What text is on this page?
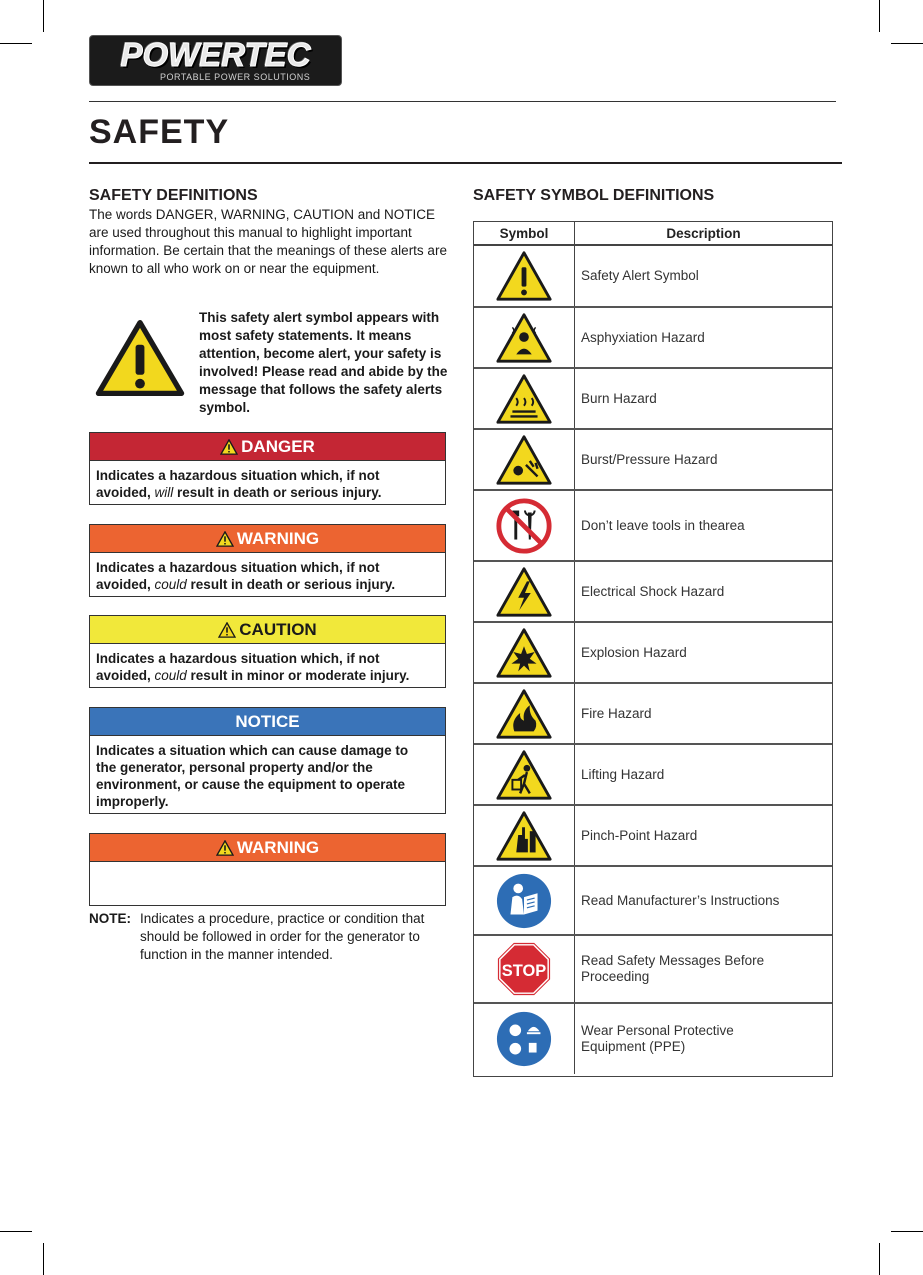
POWERTEC
PORTABLE POWER SOLUTIONS
SAFETY
SAFETY DEFINITIONS

The words DANGER, WARNING, CAUTION and NOTICE are used throughout this manual to highlight important information. Be certain that the meanings of these alerts are known to all who work on or near the equipment.

This safety alert symbol appears with most safety statements. It means attention, become alert, your safety is involved! Please read and abide by the message that follows the safety alerts symbol.

DANGER
Indicates a hazardous situation which, if not
avoided, will result in death or serious injury.
WARNING
Indicates a hazardous situation which, if not
avoided, could result in death or serious injury.
CAUTION
Indicates a hazardous situation which, if not
avoided, could result in minor or moderate injury.
NOTICE
Indicates a situation which can cause damage to the generator, personal property and/or the environment, or cause the equipment to operate improperly.
WARNING
NOTE: Indicates a procedure, practice or condition that should be followed in order for the generator to function in the manner intended.
SAFETY SYMBOL DEFINITIONS
Symbol	Description
Safety Alert Symbol
Asphyxiation Hazard
Burn Hazard
Burst/Pressure Hazard
Don’t leave tools in thearea
Electrical Shock Hazard
Explosion Hazard
Fire Hazard
Lifting Hazard
Pinch-Point Hazard
Read Manufacturer’s Instructions
STOP
Read Safety Messages Before Proceeding
Wear Personal Protective Equipment (PPE)
